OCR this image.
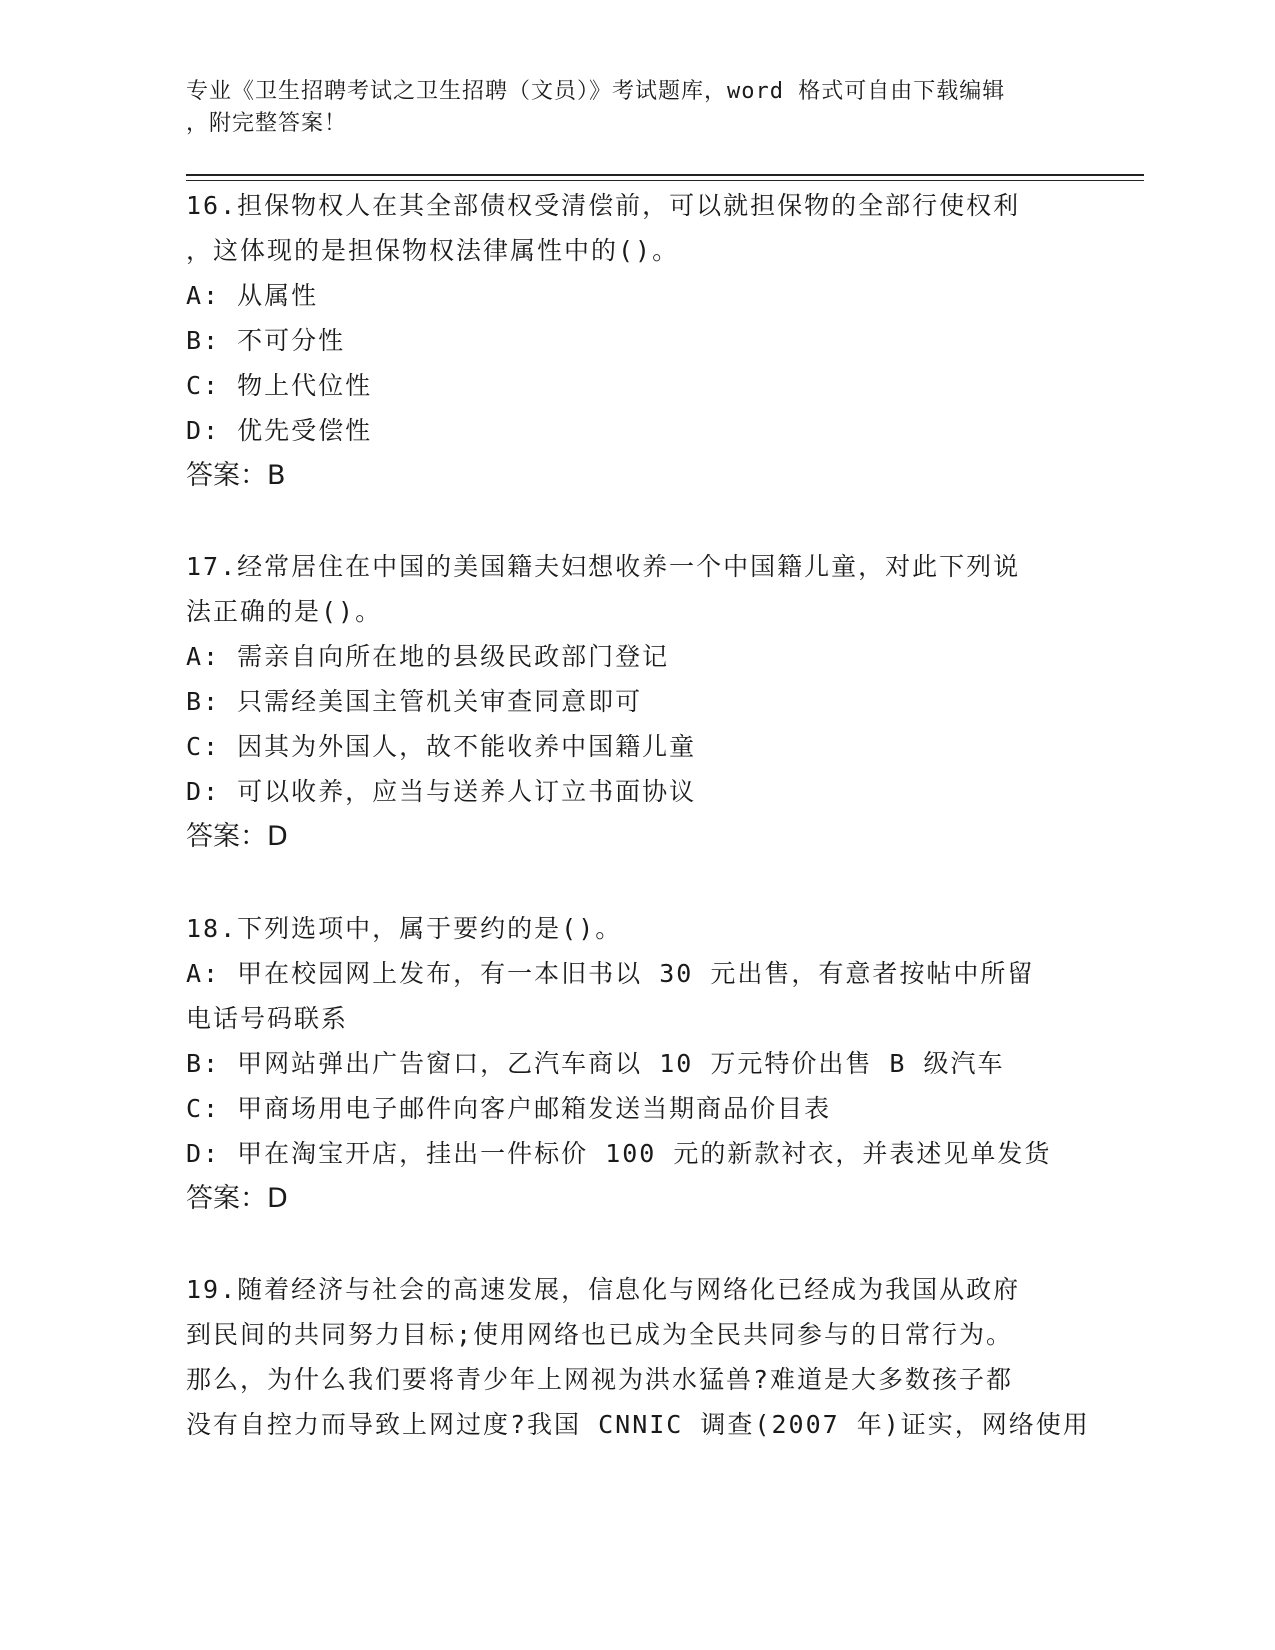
专业《卫生招聘考试之卫生招聘（文员）》考试题库，word 格式可自由下载编辑
，附完整答案！
16.担保物权人在其全部债权受清偿前，可以就担保物的全部行使权利
，这体现的是担保物权法律属性中的()。
A: 从属性
B: 不可分性
C: 物上代位性
D: 优先受偿性
答案：B
17.经常居住在中国的美国籍夫妇想收养一个中国籍儿童，对此下列说
法正确的是()。
A: 需亲自向所在地的县级民政部门登记
B: 只需经美国主管机关审查同意即可
C: 因其为外国人，故不能收养中国籍儿童
D: 可以收养，应当与送养人订立书面协议
答案：D
18.下列选项中，属于要约的是()。
A: 甲在校园网上发布，有一本旧书以 30 元出售，有意者按帖中所留
电话号码联系
B: 甲网站弹出广告窗口，乙汽车商以 10 万元特价出售 B 级汽车
C: 甲商场用电子邮件向客户邮箱发送当期商品价目表
D: 甲在淘宝开店，挂出一件标价 100 元的新款衬衣，并表述见单发货
答案：D
19.随着经济与社会的高速发展，信息化与网络化已经成为我国从政府
到民间的共同努力目标;使用网络也已成为全民共同参与的日常行为。
那么，为什么我们要将青少年上网视为洪水猛兽?难道是大多数孩子都
没有自控力而导致上网过度?我国 CNNIC 调查(2007 年)证实，网络使用
